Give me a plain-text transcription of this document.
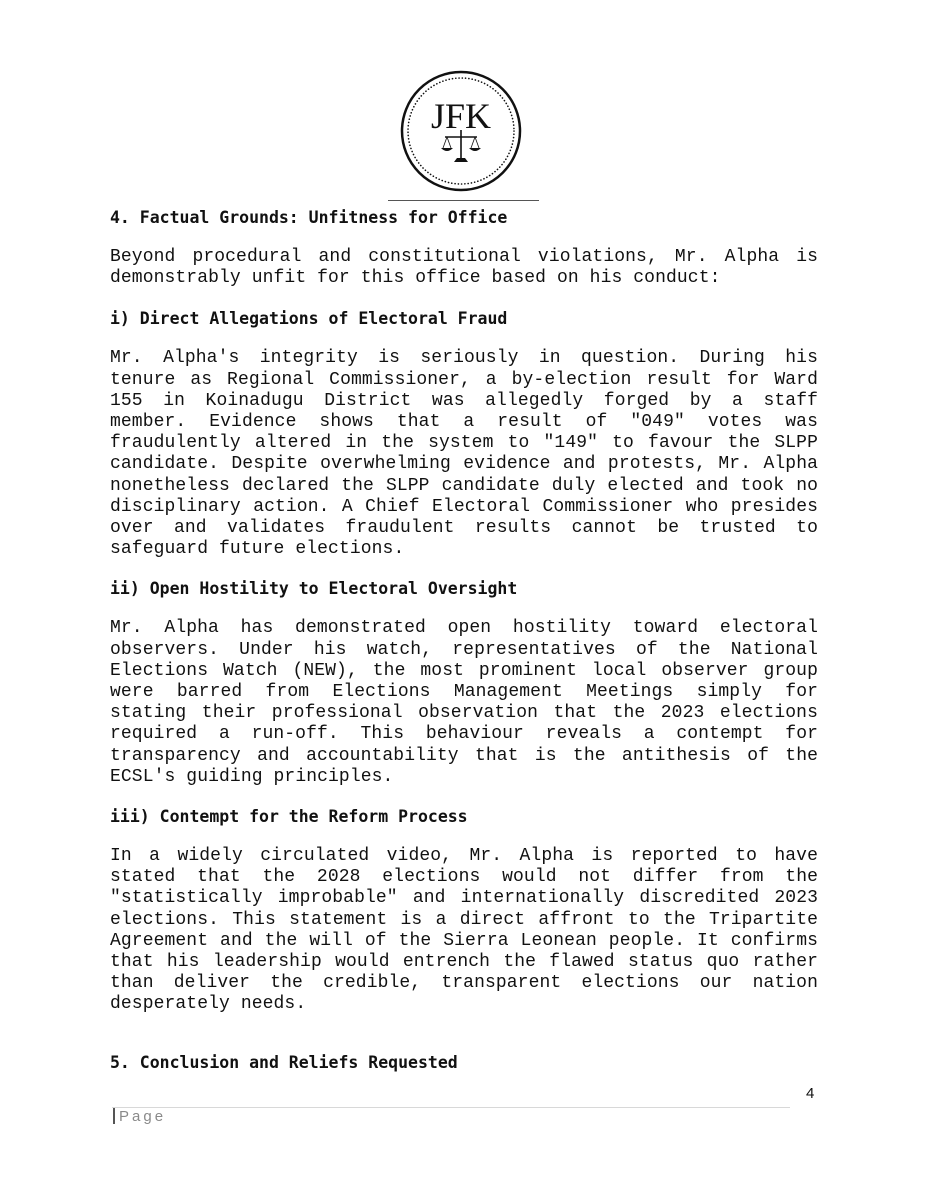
JFK
4. Factual Grounds: Unfitness for Office

Beyond procedural and constitutional violations, Mr. Alpha is demonstrably unfit for this office based on his conduct:

i) Direct Allegations of Electoral Fraud

Mr. Alpha's integrity is seriously in question. During his tenure as Regional Commissioner, a by-election result for Ward 155 in Koinadugu District was allegedly forged by a staff member. Evidence shows that a result of "049" votes was fraudulently altered in the system to "149" to favour the SLPP candidate. Despite overwhelming evidence and protests, Mr. Alpha nonetheless declared the SLPP candidate duly elected and took no disciplinary action. A Chief Electoral Commissioner who presides over and validates fraudulent results cannot be trusted to safeguard future elections.

ii) Open Hostility to Electoral Oversight

Mr. Alpha has demonstrated open hostility toward electoral observers. Under his watch, representatives of the National Elections Watch (NEW), the most prominent local observer group were barred from Elections Management Meetings simply for stating their professional observation that the 2023 elections required a run-off. This behaviour reveals a contempt for transparency and accountability that is the antithesis of the ECSL's guiding principles.

iii) Contempt for the Reform Process

In a widely circulated video, Mr. Alpha is reported to have stated that the 2028 elections would not differ from the "statistically improbable" and internationally discredited 2023 elections. This statement is a direct affront to the Tripartite Agreement and the will of the Sierra Leonean people. It confirms that his leadership would entrench the flawed status quo rather than deliver the credible, transparent elections our nation desperately needs.

5. Conclusion and Reliefs Requested
4
Page
